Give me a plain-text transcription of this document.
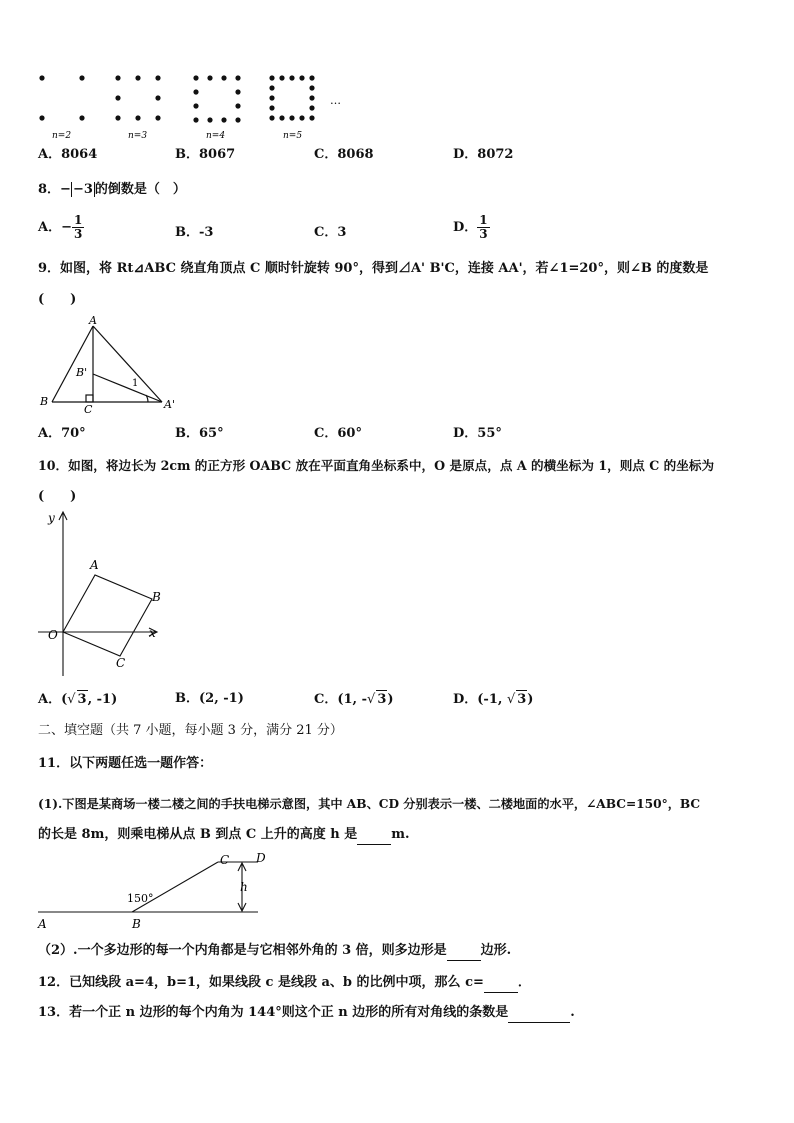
…
n=2	n=3	n=4	n=5
A．8064	B．8067	C．8068	D．8072
8．− −3 的倒数是（　）
A．− $\frac{1}{3}$	B．-3	C．3	D． $\frac{1}{3}$
9．如图，将 Rt⊿ABC 绕直角顶点 C 顺时针旋转 90°，得到⊿A' B'C，连接 AA'，若∠1=20°，则∠B 的度数是
(　　)
A
B
C
B'
A'
1
A．70°	B．65°	C．60°	D．55°
10．如图，将边长为 2cm 的正方形 OABC 放在平面直角坐标系中，O 是原点，点 A 的横坐标为 1，则点 C 的坐标为
(　　)
y
x
O
A
B
C
A．(√ 3, -1)	B．(2, -1)	C．(1, -√ 3)	D．(-1, √ 3)
二、填空题（共 7 小题，每小题 3 分，满分 21 分）
11．以下两题任选一题作答：
(1).下图是某商场一楼二楼之间的手扶电梯示意图，其中 AB、CD 分别表示一楼、二楼地面的水平，∠ABC=150°，BC
的长是 8m，则乘电梯从点 B 到点 C 上升的高度 h 是	m.
A	B
C D
h
150°
（2）.一个多边形的每一个内角都是与它相邻外角的 3 倍，则多边形是	边形.
12．已知线段 a=4，b=1，如果线段 c 是线段 a、b 的比例中项，那么 c=	．
13．若一个正 n 边形的每个内角为 144°则这个正 n 边形的所有对角线的条数是	.
